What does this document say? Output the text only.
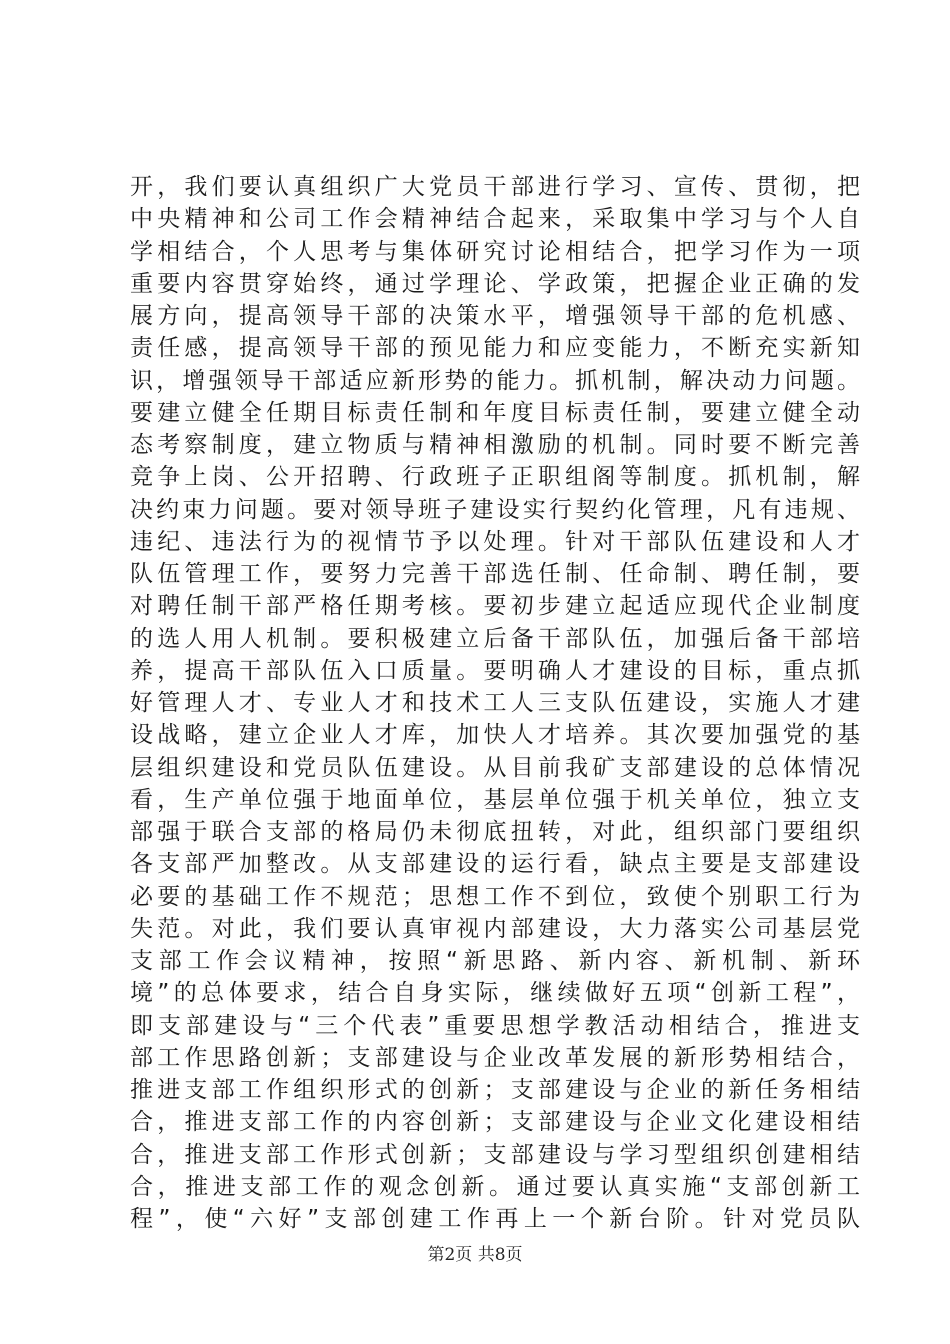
开，我们要认真组织广大党员干部进行学习、宣传、贯彻，把
中央精神和公司工作会精神结合起来，采取集中学习与个人自
学相结合，个人思考与集体研究讨论相结合，把学习作为一项
重要内容贯穿始终，通过学理论、学政策，把握企业正确的发
展方向，提高领导干部的决策水平，增强领导干部的危机感、
责任感，提高领导干部的预见能力和应变能力，不断充实新知
识，增强领导干部适应新形势的能力。抓机制，解决动力问题。
要建立健全任期目标责任制和年度目标责任制，要建立健全动
态考察制度，建立物质与精神相激励的机制。同时要不断完善
竞争上岗、公开招聘、行政班子正职组阁等制度。抓机制，解
决约束力问题。要对领导班子建设实行契约化管理，凡有违规、
违纪、违法行为的视情节予以处理。针对干部队伍建设和人才
队伍管理工作，要努力完善干部选任制、任命制、聘任制，要
对聘任制干部严格任期考核。要初步建立起适应现代企业制度
的选人用人机制。要积极建立后备干部队伍，加强后备干部培
养，提高干部队伍入口质量。要明确人才建设的目标，重点抓
好管理人才、专业人才和技术工人三支队伍建设，实施人才建
设战略，建立企业人才库，加快人才培养。其次要加强党的基
层组织建设和党员队伍建设。从目前我矿支部建设的总体情况
看，生产单位强于地面单位，基层单位强于机关单位，独立支
部强于联合支部的格局仍未彻底扭转，对此，组织部门要组织
各支部严加整改。从支部建设的运行看，缺点主要是支部建设
必要的基础工作不规范；思想工作不到位，致使个别职工行为
失范。对此，我们要认真审视内部建设，大力落实公司基层党
支部工作会议精神，按照“新思路、新内容、新机制、新环
境”的总体要求，结合自身实际，继续做好五项“创新工程”，
即支部建设与“三个代表”重要思想学教活动相结合，推进支
部工作思路创新；支部建设与企业改革发展的新形势相结合，
推进支部工作组织形式的创新；支部建设与企业的新任务相结
合，推进支部工作的内容创新；支部建设与企业文化建设相结
合，推进支部工作形式创新；支部建设与学习型组织创建相结
合，推进支部工作的观念创新。通过要认真实施“支部创新工
程”，使“六好”支部创建工作再上一个新台阶。针对党员队
第2页 共8页
